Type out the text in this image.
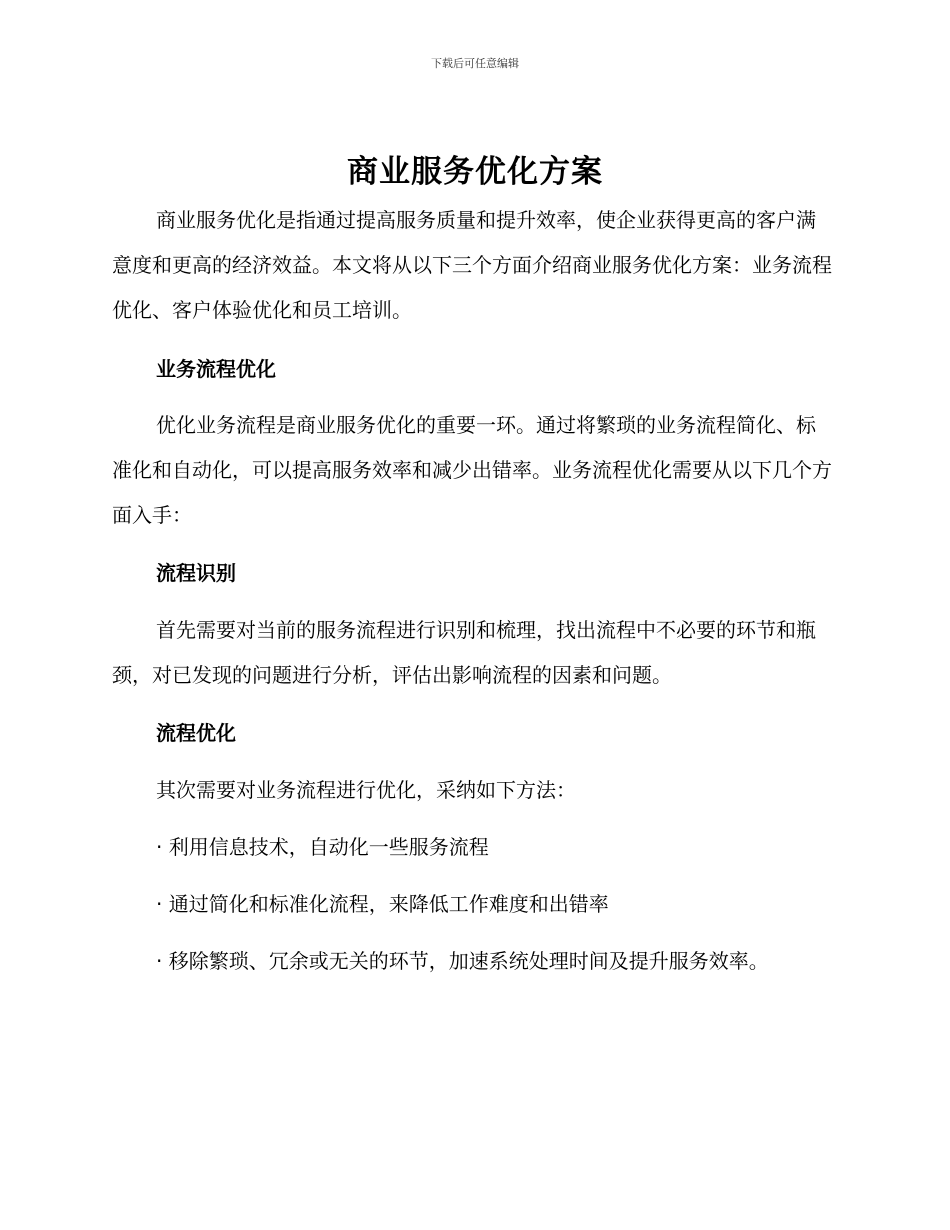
下载后可任意编辑
商业服务优化方案

商业服务优化是指通过提高服务质量和提升效率，使企业获得更高的客户满意度和更高的经济效益。本文将从以下三个方面介绍商业服务优化方案：业务流程优化、客户体验优化和员工培训。

业务流程优化

优化业务流程是商业服务优化的重要一环。通过将繁琐的业务流程简化、标准化和自动化，可以提高服务效率和减少出错率。业务流程优化需要从以下几个方面入手：

流程识别

首先需要对当前的服务流程进行识别和梳理，找出流程中不必要的环节和瓶颈，对已发现的问题进行分析，评估出影响流程的因素和问题。

流程优化

其次需要对业务流程进行优化，采纳如下方法：

· 利用信息技术，自动化一些服务流程

· 通过简化和标准化流程，来降低工作难度和出错率

· 移除繁琐、冗余或无关的环节，加速系统处理时间及提升服务效率。
